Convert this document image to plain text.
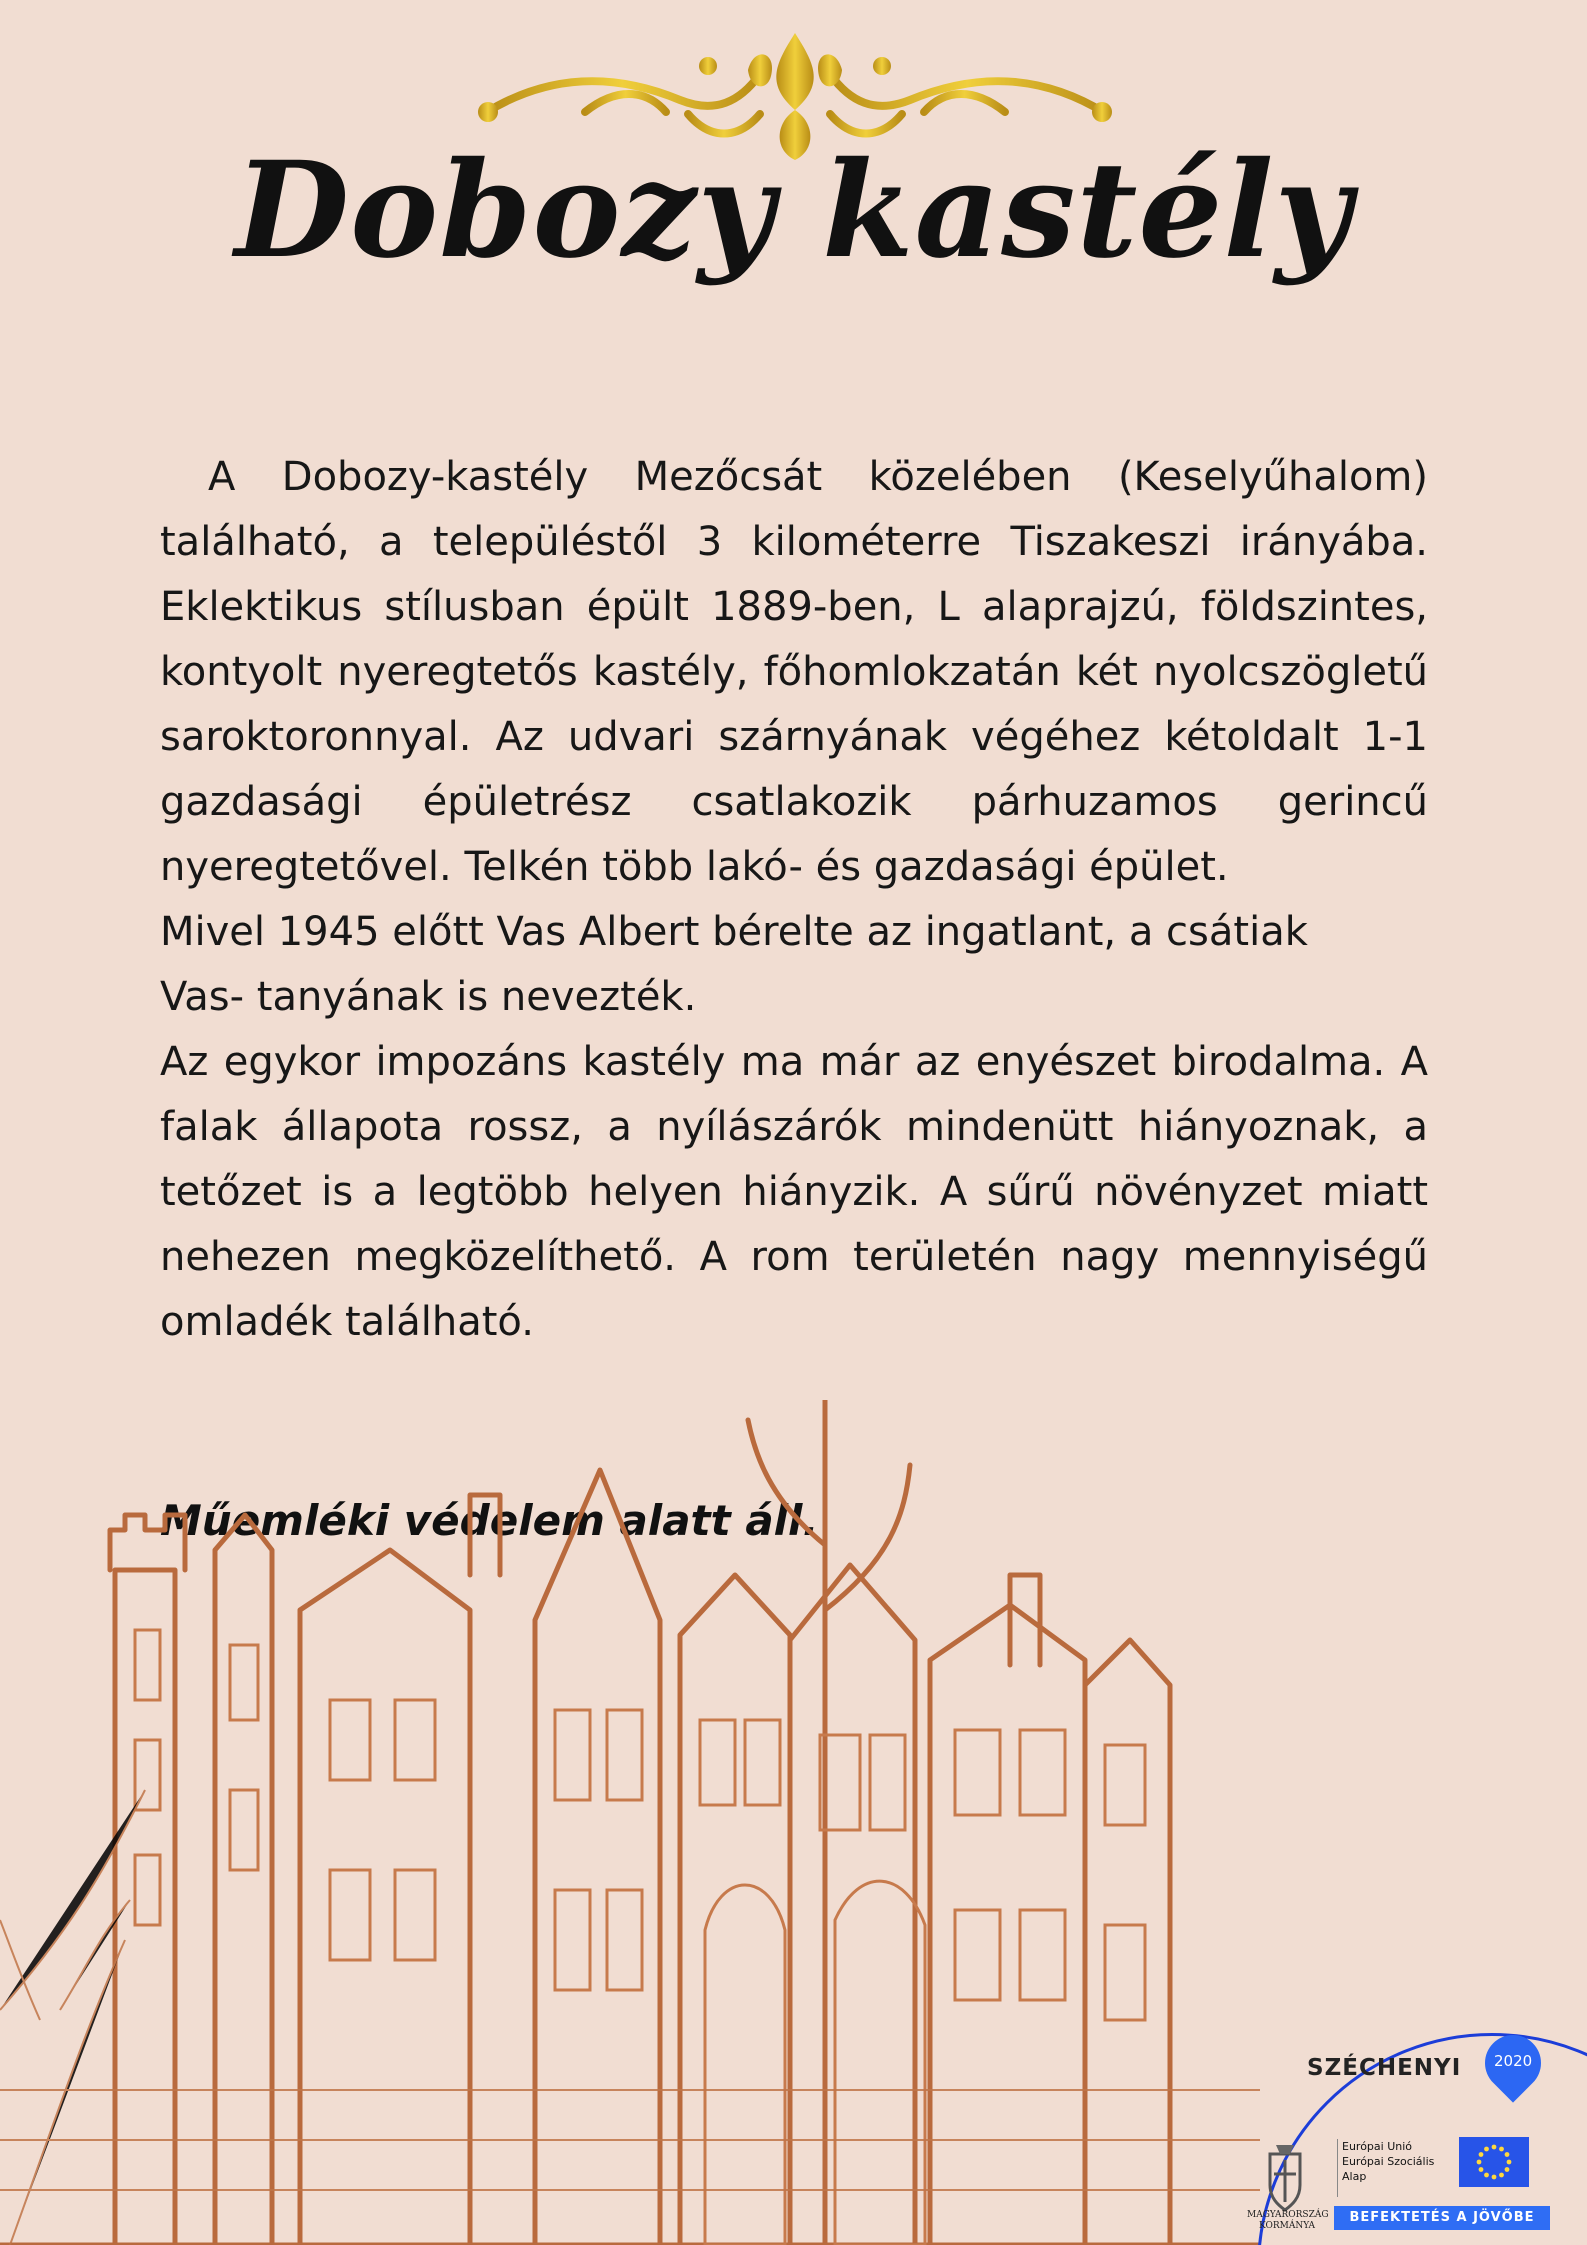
Dobozy kastély

A Dobozy-kastély Mezőcsát közelében (Keselyűhalom) található, a településtől 3 kilométerre Tiszakeszi irányába. Eklektikus stílusban épült 1889-ben, L alaprajzú, földszintes, kontyolt nyeregtetős kastély, főhomlokzatán két nyolcszögletű saroktoronnyal. Az udvari szárnyának végéhez kétoldalt 1-1 gazdasági épületrész csatlakozik párhuzamos gerincű nyeregtetővel. Telkén több lakó- és gazdasági épület.

Mivel 1945 előtt Vas Albert bérelte az ingatlant, a csátiak

Vas- tanyának is nevezték.

Az egykor impozáns kastély ma már az enyészet birodalma. A falak állapota rossz, a nyílászárók mindenütt hiányoznak, a tetőzet is a legtöbb helyen hiányzik. A sűrű növényzet miatt nehezen megközelíthető. A rom területén nagy mennyiségű omladék található.

Műemléki védelem alatt áll.

SZÉCHENYI 2020
MAGYARORSZÁG
KORMÁNYA
Európai Unió
Európai Szociális
Alap
BEFEKTETÉS A JÖVŐBE
